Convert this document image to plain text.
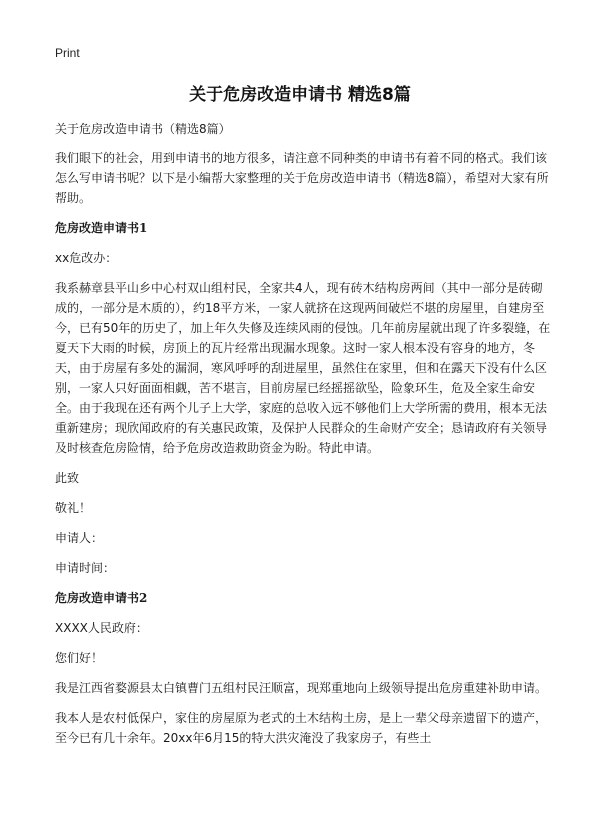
Print
关于危房改造申请书 精选8篇

关于危房改造申请书（精选8篇）

我们眼下的社会，用到申请书的地方很多，请注意不同种类的申请书有着不同的格式。我们该怎么写申请书呢？以下是小编帮大家整理的关于危房改造申请书（精选8篇），希望对大家有所帮助。

危房改造申请书1

xx危改办：

我系赫章县平山乡中心村双山组村民，全家共4人，现有砖木结构房两间（其中一部分是砖砌成的，一部分是木质的），约18平方米，一家人就挤在这现两间破烂不堪的房屋里，自建房至今，已有50年的历史了，加上年久失修及连续风雨的侵蚀。几年前房屋就出现了许多裂缝，在夏天下大雨的时候，房顶上的瓦片经常出现漏水现象。这时一家人根本没有容身的地方，冬天，由于房屋有多处的漏洞，寒风呼呼的刮进屋里，虽然住在家里，但和在露天下没有什么区别，一家人只好面面相觑，苦不堪言，目前房屋已经摇摇欲坠，险象环生，危及全家生命安全。由于我现在还有两个儿子上大学，家庭的总收入远不够他们上大学所需的费用，根本无法重新建房；现欣闻政府的有关惠民政策，及保护人民群众的生命财产安全；恳请政府有关领导及时核查危房险情，给予危房改造救助资金为盼。特此申请。

此致

敬礼！

申请人：

申请时间：

危房改造申请书2

XXXX人民政府：

您们好！

我是江西省婺源县太白镇曹门五组村民汪顺富，现郑重地向上级领导提出危房重建补助申请。

我本人是农村低保户，家住的房屋原为老式的土木结构土房，是上一辈父母亲遗留下的遗产，至今已有几十余年。20xx年6月15的特大洪灾淹没了我家房子，有些土
